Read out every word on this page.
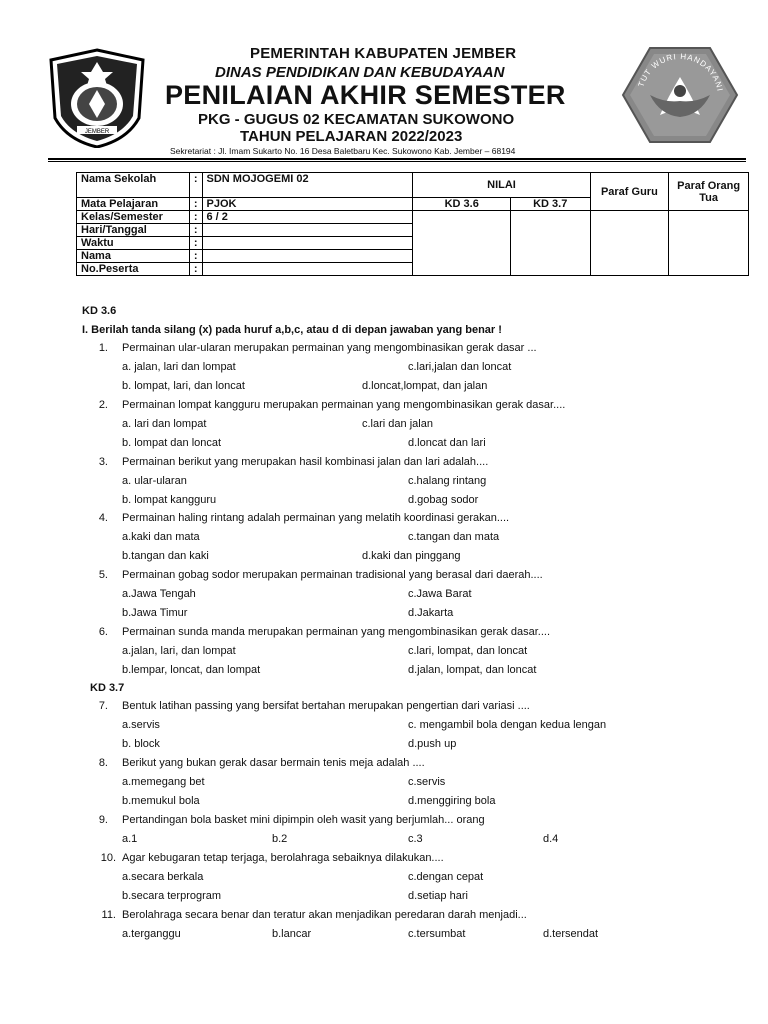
JEMBER
TUT WURI HANDAYANI
PEMERINTAH KABUPATEN JEMBER
DINAS PENDIDIKAN DAN KEBUDAYAAN
PENILAIAN AKHIR SEMESTER
PKG - GUGUS 02 KECAMATAN SUKOWONO
TAHUN PELAJARAN 2022/2023
Sekretariat : Jl. Imam Sukarto No. 16 Desa Baletbaru Kec. Sukowono Kab. Jember – 68194
Nama Sekolah	:	SDN MOJOGEMI 02	NILAI		Paraf Guru	Paraf Orang Tua
Mata Pelajaran	:	PJOK	KD 3.6	KD 3.7		
Kelas/Semester	:	6 / 2				
Hari/Tanggal	:					
Waktu	:					
Nama	:					
No.Peserta	:					
KD 3.6
I. Berilah tanda silang (x) pada huruf a,b,c, atau d di depan jawaban yang benar !
KD 3.7
1. Permainan ular-ularan merupakan permainan yang mengombinasikan gerak dasar ...
a. jalan, lari dan lompat
b. lompat, lari, dan loncat
c.lari,jalan dan loncat
d.loncat,lompat, dan jalan
2. Permainan lompat kangguru merupakan permainan yang mengombinasikan gerak dasar....
a. lari dan lompat
b. lompat dan loncat
c.lari dan jalan
d.loncat dan lari
3. Permainan berikut yang merupakan hasil kombinasi jalan dan lari adalah....
a. ular-ularan
b. lompat kangguru
c.halang rintang
d.gobag sodor
4. Permainan haling rintang adalah permainan yang melatih koordinasi gerakan....
a.kaki dan mata
b.tangan dan kaki
c.tangan dan mata
d.kaki dan pinggang
5. Permainan gobag sodor merupakan permainan tradisional yang berasal dari daerah....
a.Jawa Tengah
b.Jawa Timur
c.Jawa Barat
d.Jakarta
6. Permainan sunda manda merupakan permainan yang mengombinasikan gerak dasar....
a.jalan, lari, dan lompat
b.lempar, loncat, dan lompat
c.lari, lompat, dan loncat
d.jalan, lompat, dan loncat
7. Bentuk latihan passing yang bersifat bertahan merupakan pengertian dari variasi ....
a.servis
b. block
c. mengambil bola dengan kedua lengan
d.push up
8. Berikut yang bukan gerak dasar bermain tenis meja adalah ....
a.memegang bet
b.memukul bola
c.servis
d.menggiring bola
9. Pertandingan bola basket mini dipimpin oleh wasit yang berjumlah... orang
a.1	b.2	c.3	d.4
10. Agar kebugaran tetap terjaga, berolahraga sebaiknya dilakukan....
a.secara berkala
b.secara terprogram
c.dengan cepat
d.setiap hari
11. Berolahraga secara benar dan teratur akan menjadikan peredaran darah menjadi...
a.terganggu	b.lancar	c.tersumbat	d.tersendat
